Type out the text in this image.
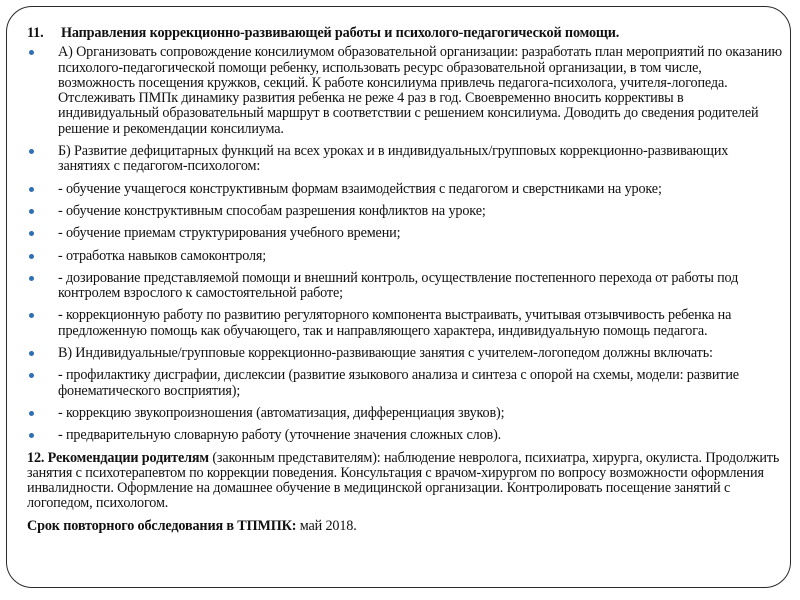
11.	Направления коррекционно-развивающей работы и психолого-педагогической помощи.
А) Организовать сопровождение консилиумом образовательной организации: разработать план мероприятий по оказанию психолого-педагогической помощи ребенку, использовать ресурс образовательной организации, в том числе, возможность посещения кружков, секций. К работе консилиума привлечь педагога-психолога, учителя-логопеда. Отслеживать ПМПк динамику развития ребенка не реже 4 раз в год. Своевременно вносить коррективы в индивидуальный образовательный маршрут в соответствии с решением консилиума. Доводить до сведения родителей решение и рекомендации консилиума.
Б) Развитие дефицитарных функций на всех уроках и в индивидуальных/групповых коррекционно-развивающих занятиях с педагогом-психологом:
- обучение учащегося конструктивным формам взаимодействия с педагогом и сверстниками на уроке;
- обучение конструктивным способам разрешения конфликтов на уроке;
- обучение приемам структурирования учебного времени;
- отработка навыков самоконтроля;
- дозирование представляемой помощи и внешний контроль, осуществление постепенного перехода от работы под контролем взрослого к самостоятельной работе;
- коррекционную работу по развитию регуляторного компонента выстраивать, учитывая отзывчивость ребенка на предложенную помощь как обучающего, так и направляющего характера, индивидуальную помощь педагога.
В) Индивидуальные/групповые коррекционно-развивающие занятия с учителем-логопедом должны включать:
- профилактику дисграфии, дислексии (развитие языкового анализа и синтеза с опорой на схемы, модели: развитие фонематического восприятия);
- коррекцию звукопроизношения (автоматизация, дифференциация звуков);
- предварительную словарную работу (уточнение значения сложных слов).

12. Рекомендации родителям (законным представителям): наблюдение невролога, психиатра, хирурга, окулиста. Продолжить занятия с психотерапевтом по коррекции поведения. Консультация с врачом-хирургом по вопросу возможности оформления инвалидности. Оформление на домашнее обучение в медицинской организации. Контролировать посещение занятий с логопедом, психологом.

Срок повторного обследования в ТПМПК: май 2018.
